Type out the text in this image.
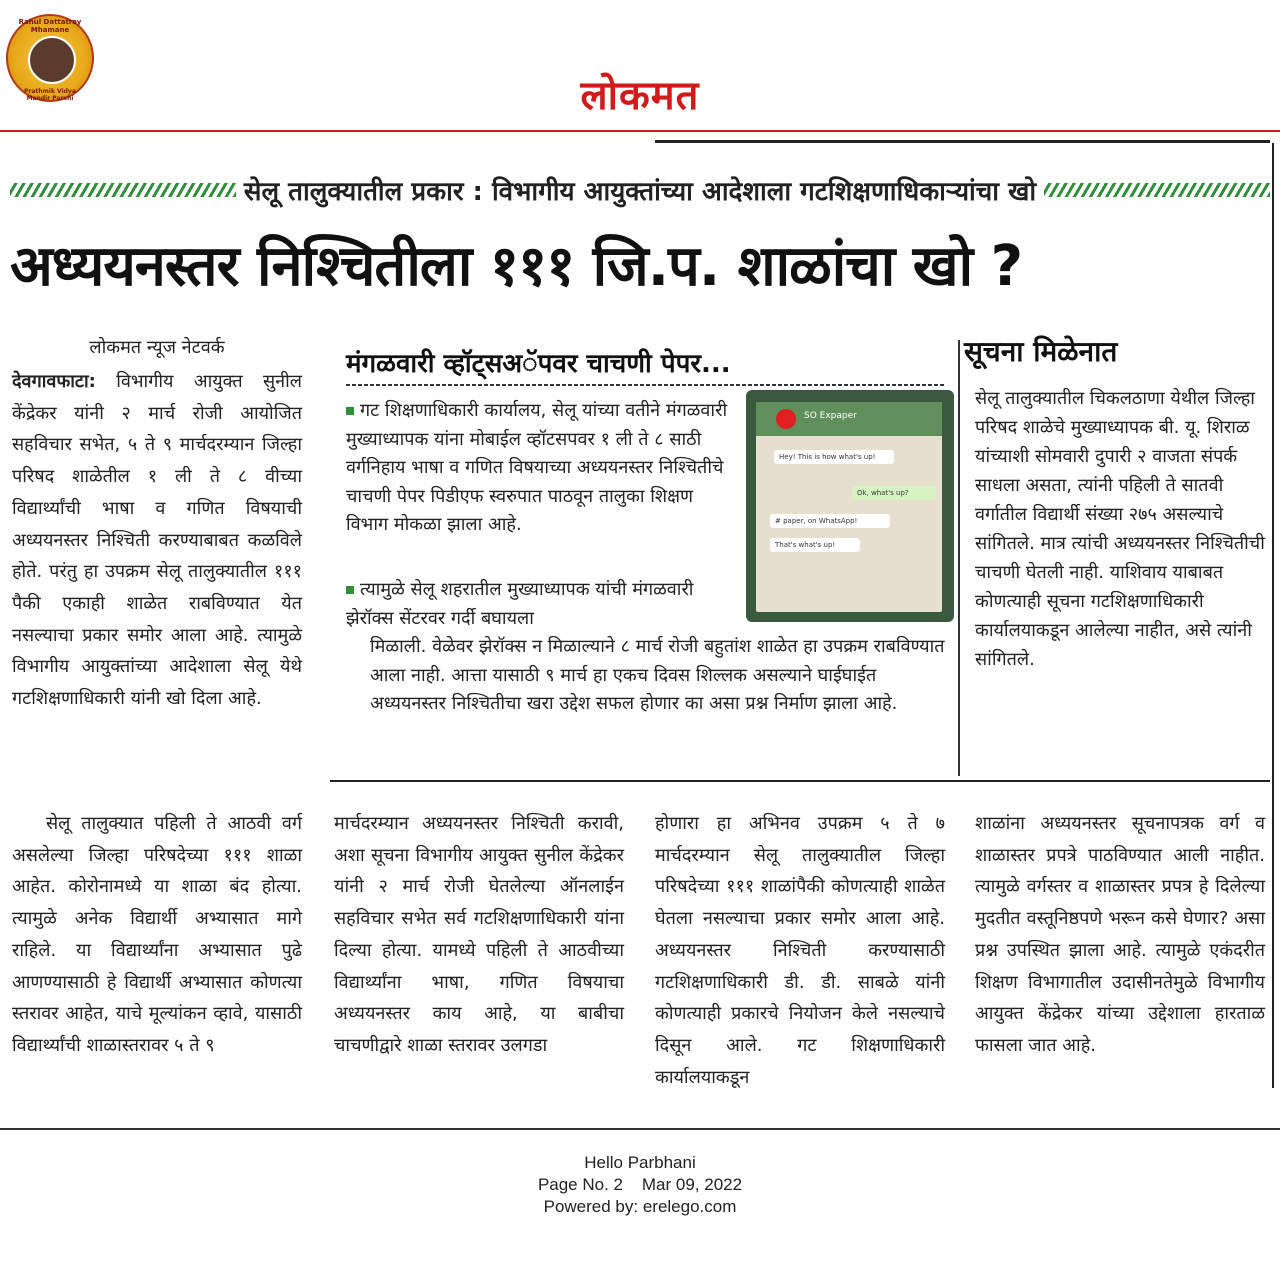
Rahul Dattatray Mhamane
Prathmik Vidya Mandir Parchi	लोकमत
सेलू तालुक्यातील प्रकार : विभागीय आयुक्तांच्या आदेशाला गटशिक्षणाधिकाऱ्यांचा खो
अध्ययनस्तर निश्चितीला १११ जि.प. शाळांचा खो ?
लोकमत न्यूज नेटवर्क

देवगावफाटा: विभागीय आयुक्त सुनील केंद्रेकर यांनी २ मार्च रोजी आयोजित सहविचार सभेत, ५ ते ९ मार्चदरम्यान जिल्हा परिषद शाळेतील १ ली ते ८ वीच्या विद्यार्थ्यांची भाषा व गणित विषयाची अध्ययनस्तर निश्चिती करण्याबाबत कळविले होते. परंतु हा उपक्रम सेलू तालुक्यातील १११ पैकी एकाही शाळेत राबविण्यात येत नसल्याचा प्रकार समोर आला आहे. त्यामुळे विभागीय आयुक्तांच्या आदेशाला सेलू येथे गटशिक्षणाधिकारी यांनी खो दिला आहे.

सेलू तालुक्यात पहिली ते आठवी वर्ग असलेल्या जिल्हा परिषदेच्या १११ शाळा आहेत. कोरोनामध्ये या शाळा बंद होत्या. त्यामुळे अनेक विद्यार्थी अभ्यासात मागे राहिले. या विद्यार्थ्यांना अभ्यासात पुढे आणण्यासाठी हे विद्यार्थी अभ्यासात कोणत्या स्तरावर आहेत, याचे मूल्यांकन व्हावे, यासाठी विद्यार्थ्यांची शाळास्तरावर ५ ते ९

मंगळवारी व्हॉट्सअॅपवर चाचणी पेपर...
गट शिक्षणाधिकारी कार्यालय, सेलू यांच्या वतीने मंगळवारी मुख्याध्यापक यांना मोबाईल व्हॉटसपवर १ ली ते ८ साठी वर्गनिहाय भाषा व गणित विषयाच्या अध्ययनस्तर निश्चितीचे चाचणी पेपर पिडीएफ स्वरुपात पाठवून तालुका शिक्षण विभाग मोकळा झाला आहे.
त्यामुळे सेलू शहरातील मुख्याध्यापक यांची मंगळवारी झेरॉक्स सेंटरवर गर्दी बघायला
मिळाली. वेळेवर झेरॉक्स न मिळाल्याने ८ मार्च रोजी बहुतांश शाळेत हा उपक्रम राबविण्यात आला नाही. आत्ता यासाठी ९ मार्च हा एकच दिवस शिल्लक असल्याने घाईघाईत अध्ययनस्तर निश्चितीचा खरा उद्देश सफल होणार का असा प्रश्न निर्माण झाला आहे.
SO Expaper
Hey! This is how what's up!
Ok, what's up?
# paper, on WhatsApp!
That's what's up!
सूचना मिळेनात
सेलू तालुक्यातील चिकलठाणा येथील जिल्हा परिषद शाळेचे मुख्याध्यापक बी. यू. शिराळ यांच्याशी सोमवारी दुपारी २ वाजता संपर्क साधला असता, त्यांनी पहिली ते सातवी वर्गातील विद्यार्थी संख्या २७५ असल्याचे सांगितले. मात्र त्यांची अध्ययनस्तर निश्चितीची चाचणी घेतली नाही. याशिवाय याबाबत कोणत्याही सूचना गटशिक्षणाधिकारी कार्यालयाकडून आलेल्या नाहीत, असे त्यांनी सांगितले.
मार्चदरम्यान अध्ययनस्तर निश्चिती करावी, अशा सूचना विभागीय आयुक्त सुनील केंद्रेकर यांनी २ मार्च रोजी घेतलेल्या ऑनलाईन सहविचार सभेत सर्व गटशिक्षणाधिकारी यांना दिल्या होत्या. यामध्ये पहिली ते आठवीच्या विद्यार्थ्यांना भाषा, गणित विषयाचा अध्ययनस्तर काय आहे, या बाबीचा चाचणीद्वारे शाळा स्तरावर उलगडा
होणारा हा अभिनव उपक्रम ५ ते ७ मार्चदरम्यान सेलू तालुक्यातील जिल्हा परिषदेच्या १११ शाळांपैकी कोणत्याही शाळेत घेतला नसल्याचा प्रकार समोर आला आहे. अध्ययनस्तर निश्चिती करण्यासाठी गटशिक्षणाधिकारी डी. डी. साबळे यांनी कोणत्याही प्रकारचे नियोजन केले नसल्याचे दिसून आले. गट शिक्षणाधिकारी कार्यालयाकडून
शाळांना अध्ययनस्तर सूचनापत्रक वर्ग व शाळास्तर प्रपत्रे पाठविण्यात आली नाहीत. त्यामुळे वर्गस्तर व शाळास्तर प्रपत्र हे दिलेल्या मुदतीत वस्तूनिष्ठपणे भरून कसे घेणार? असा प्रश्न उपस्थित झाला आहे. त्यामुळे एकंदरीत शिक्षण विभागातील उदासीनतेमुळे विभागीय आयुक्त केंद्रेकर यांच्या उद्देशाला हारताळ फासला जात आहे.
Hello Parbhani
Page No. 2    Mar 09, 2022
Powered by: erelego.com
